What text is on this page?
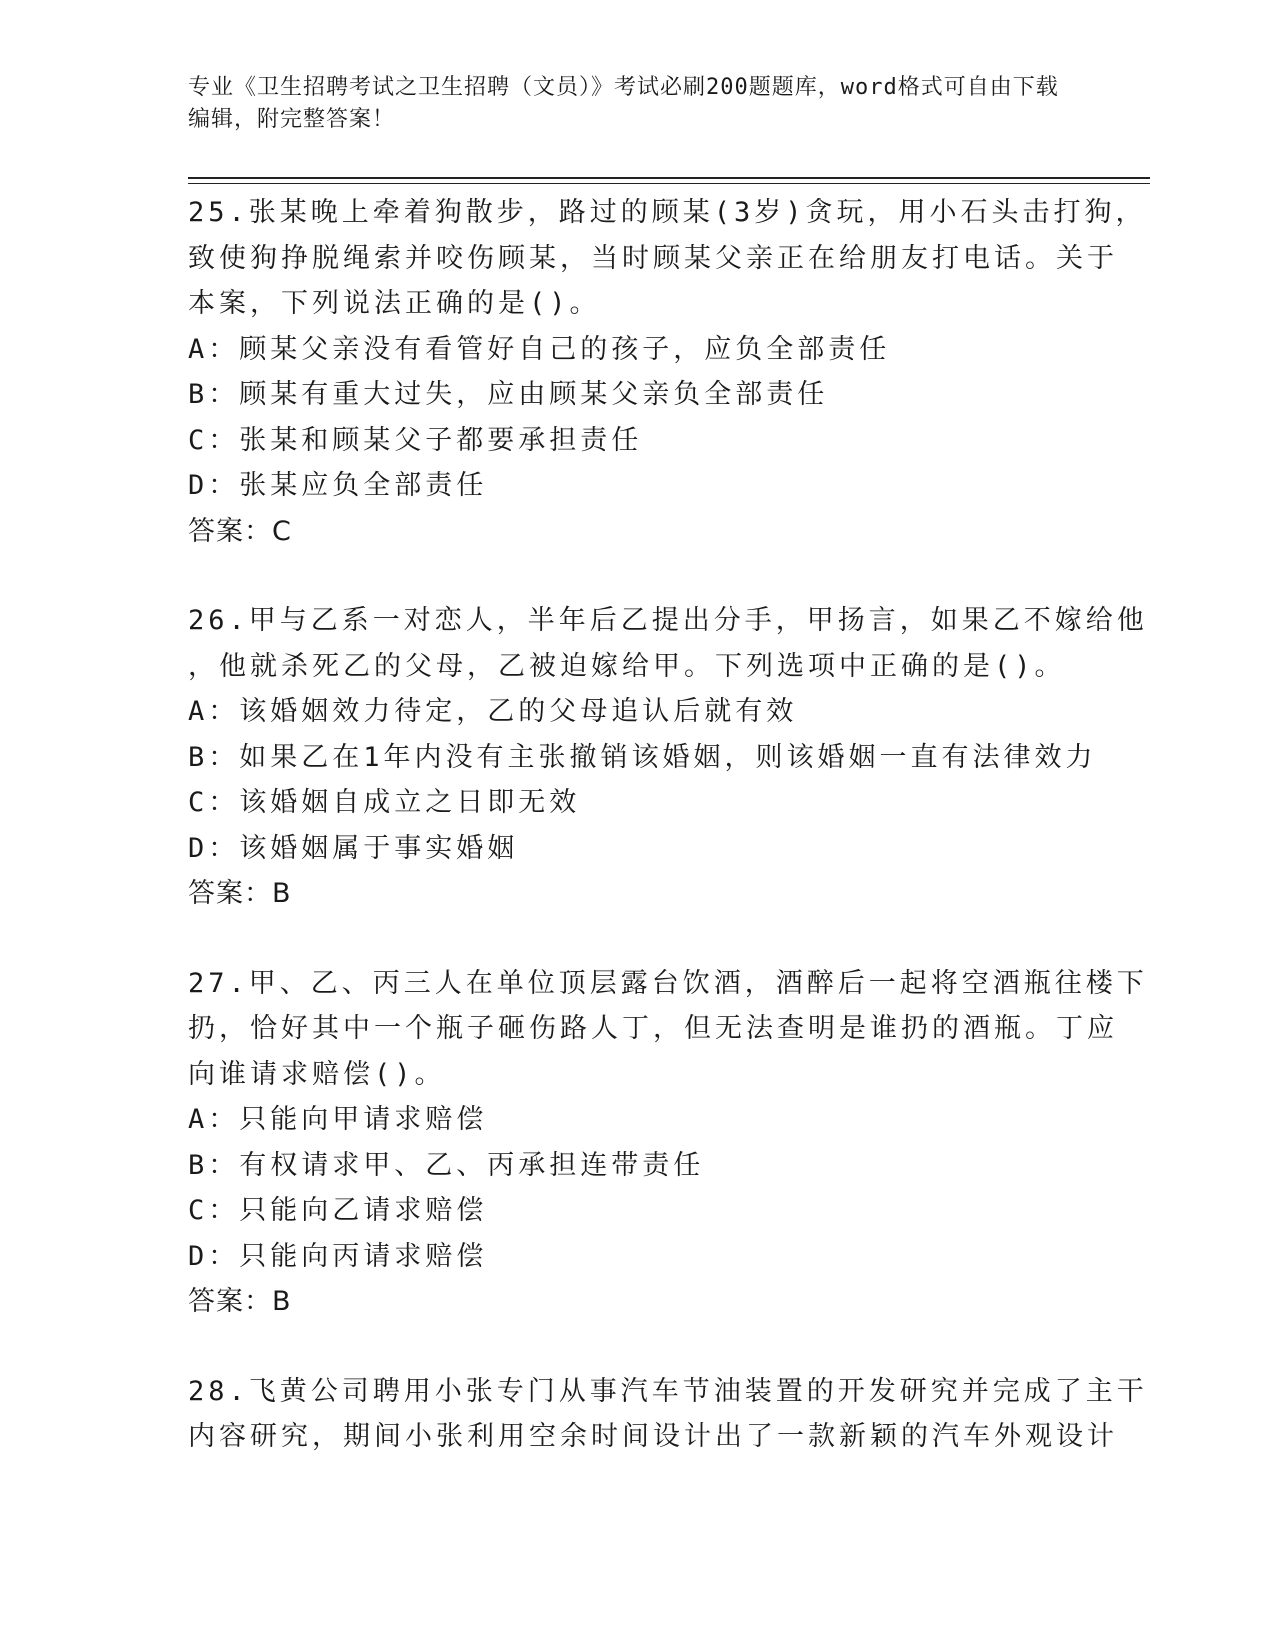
专业《卫生招聘考试之卫生招聘（文员）》考试必刷200题题库，word格式可自由下载编辑，附完整答案！
25.张某晚上牵着狗散步，路过的顾某(3岁)贪玩，用小石头击打狗，
致使狗挣脱绳索并咬伤顾某，当时顾某父亲正在给朋友打电话。关于
本案，下列说法正确的是()。
A：顾某父亲没有看管好自己的孩子，应负全部责任
B：顾某有重大过失，应由顾某父亲负全部责任
C：张某和顾某父子都要承担责任
D：张某应负全部责任
答案：C
26.甲与乙系一对恋人，半年后乙提出分手，甲扬言，如果乙不嫁给他
，他就杀死乙的父母，乙被迫嫁给甲。下列选项中正确的是()。
A：该婚姻效力待定，乙的父母追认后就有效
B：如果乙在1年内没有主张撤销该婚姻，则该婚姻一直有法律效力
C：该婚姻自成立之日即无效
D：该婚姻属于事实婚姻
答案：B
27.甲、乙、丙三人在单位顶层露台饮酒，酒醉后一起将空酒瓶往楼下
扔，恰好其中一个瓶子砸伤路人丁，但无法查明是谁扔的酒瓶。丁应
向谁请求赔偿()。
A：只能向甲请求赔偿
B：有权请求甲、乙、丙承担连带责任
C：只能向乙请求赔偿
D：只能向丙请求赔偿
答案：B
28.飞黄公司聘用小张专门从事汽车节油装置的开发研究并完成了主干
内容研究，期间小张利用空余时间设计出了一款新颖的汽车外观设计
